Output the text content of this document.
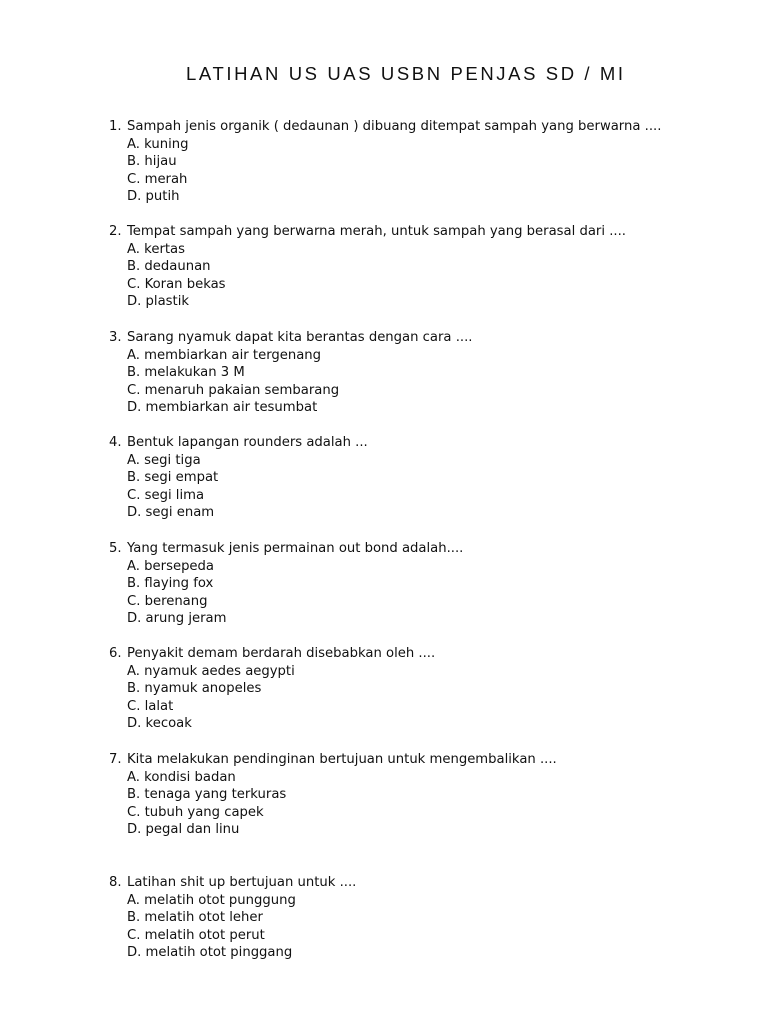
LATIHAN US UAS USBN PENJAS SD / MI
1. Sampah jenis organik ( dedaunan ) dibuang ditempat sampah yang berwarna ....
A. kuning
B. hijau
C. merah
D. putih
2. Tempat sampah yang berwarna merah, untuk sampah yang berasal dari ....
A. kertas
B. dedaunan
C. Koran bekas
D. plastik
3. Sarang nyamuk dapat kita berantas dengan cara ....
A. membiarkan air tergenang
B. melakukan 3 M
C. menaruh pakaian sembarang
D. membiarkan air tesumbat
4. Bentuk lapangan rounders adalah ...
A. segi tiga
B. segi empat
C. segi lima
D. segi enam
5. Yang termasuk jenis permainan out bond adalah....
A. bersepeda
B. flaying fox
C. berenang
D. arung jeram
6. Penyakit demam berdarah disebabkan oleh ....
A. nyamuk aedes aegypti
B. nyamuk anopeles
C. lalat
D. kecoak
7. Kita melakukan pendinginan bertujuan untuk mengembalikan ....
A. kondisi badan
B. tenaga yang terkuras
C. tubuh yang capek
D. pegal dan linu
8. Latihan shit up bertujuan untuk ....
A. melatih otot punggung
B. melatih otot leher
C. melatih otot perut
D. melatih otot pinggang
